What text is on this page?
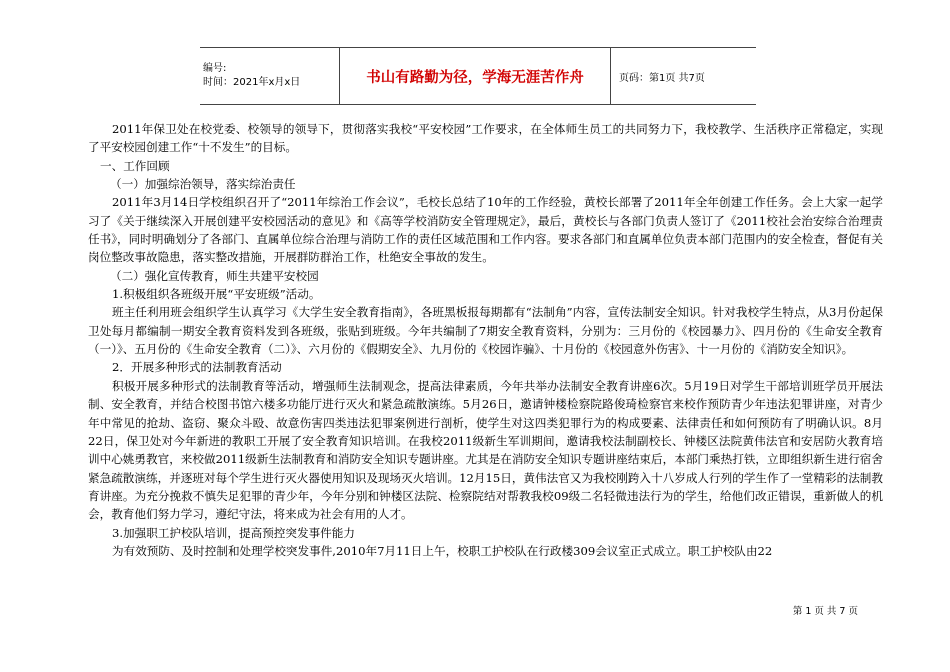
编号:
时间：2021年x月x日	书山有路勤为径，学海无涯苦作舟	页码：第1页 共7页

2011年保卫处在校党委、校领导的领导下，贯彻落实我校“平安校园”工作要求，在全体师生员工的共同努力下，我校教学、生活秩序正常稳定，实现了平安校园创建工作“十不发生”的目标。

一、工作回顾

（一）加强综治领导，落实综治责任

2011年3月14日学校组织召开了“2011年综治工作会议”，毛校长总结了10年的工作经验，黄校长部署了2011年全年创建工作任务。会上大家一起学习了《关于继续深入开展创建平安校园活动的意见》和《高等学校消防安全管理规定》，最后，黄校长与各部门负责人签订了《2011校社会治安综合治理责任书》，同时明确划分了各部门、直属单位综合治理与消防工作的责任区域范围和工作内容。要求各部门和直属单位负责本部门范围内的安全检查，督促有关岗位整改事故隐患，落实整改措施，开展群防群治工作，杜绝安全事故的发生。

（二）强化宣传教育，师生共建平安校园

1.积极组织各班级开展“平安班级”活动。

班主任利用班会组织学生认真学习《大学生安全教育指南》，各班黑板报每期都有“法制角”内容，宣传法制安全知识。针对我校学生特点，从3月份起保卫处每月都编制一期安全教育资料发到各班级，张贴到班级。今年共编制了7期安全教育资料，分别为：三月份的《校园暴力》、四月份的《生命安全教育（一）》、五月份的《生命安全教育（二）》、六月份的《假期安全》、九月份的《校园诈骗》、十月份的《校园意外伤害》、十一月份的《消防安全知识》。

2．开展多种形式的法制教育活动

积极开展多种形式的法制教育等活动，增强师生法制观念，提高法律素质，今年共举办法制安全教育讲座6次。5月19日对学生干部培训班学员开展法制、安全教育，并结合校图书馆六楼多功能厅进行灭火和紧急疏散演练。5月26日，邀请钟楼检察院路俊琦检察官来校作预防青少年违法犯罪讲座，对青少年中常见的抢劫、盗窃、聚众斗殴、故意伤害四类违法犯罪案例进行剖析，使学生对这四类犯罪行为的构成要素、法律责任和如何预防有了明确认识。8月22日，保卫处对今年新进的教职工开展了安全教育知识培训。在我校2011级新生军训期间，邀请我校法制副校长、钟楼区法院黄伟法官和安居防火教育培训中心姚勇教官，来校做2011级新生法制教育和消防安全知识专题讲座。尤其是在消防安全知识专题讲座结束后，本部门乘热打铁，立即组织新生进行宿舍紧急疏散演练，并逐班对每个学生进行灭火器使用知识及现场灭火培训。12月15日，黄伟法官又为我校刚跨入十八岁成人行列的学生作了一堂精彩的法制教育讲座。为充分挽救不慎失足犯罪的青少年，今年分别和钟楼区法院、检察院结对帮教我校09级二名轻微违法行为的学生，给他们改正错误，重新做人的机会，教育他们努力学习，遵纪守法，将来成为社会有用的人才。

3.加强职工护校队培训，提高预控突发事件能力

为有效预防、及时控制和处理学校突发事件,2010年7月11日上午，校职工护校队在行政楼309会议室正式成立。职工护校队由22

第 1 页 共 7 页
